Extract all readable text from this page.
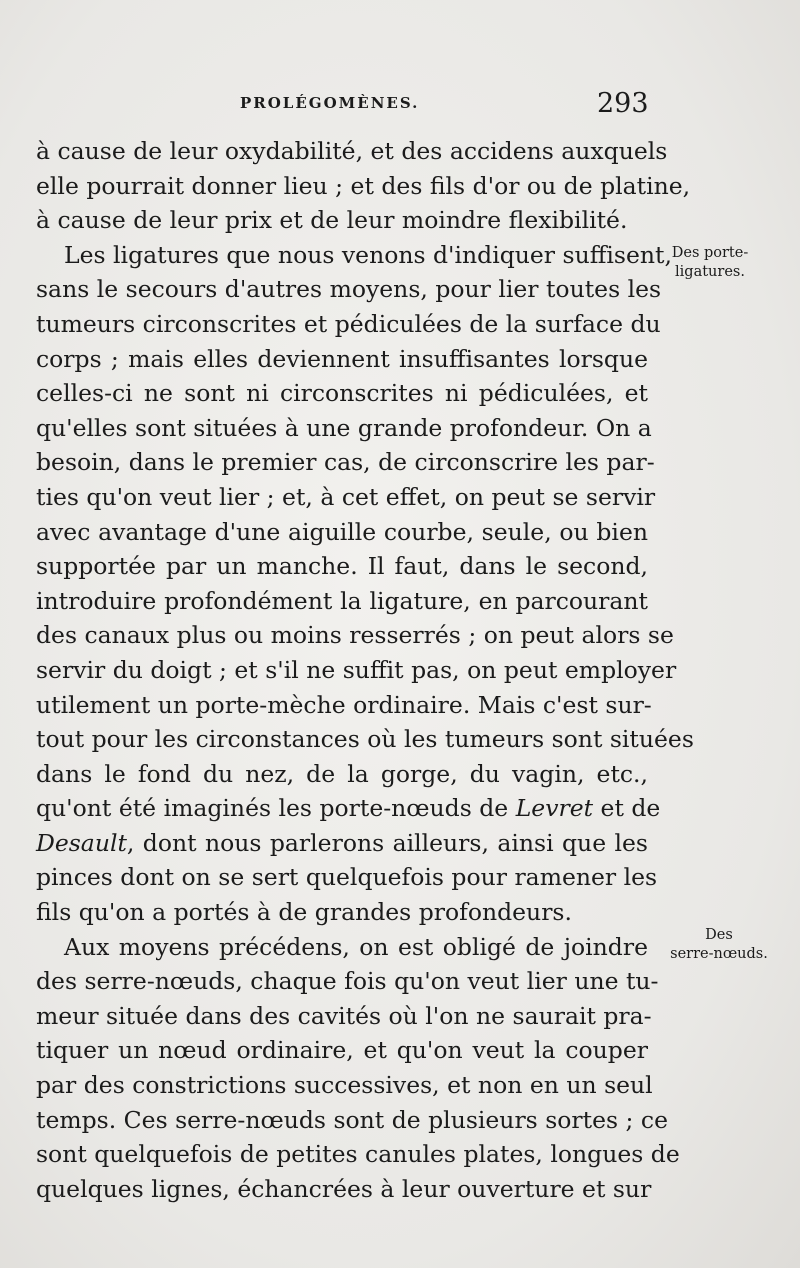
PROLÉGOMÈNES.	293
à cause de leur oxydabilité, et des accidens auxquels
elle pourrait donner lieu ; et des fils d'or ou de platine,
à cause de leur prix et de leur moindre flexibilité.
Les ligatures que nous venons d'indiquer suffisent,
sans le secours d'autres moyens, pour lier toutes les
tumeurs circonscrites et pédiculées de la surface du
corps ; mais elles deviennent insuffisantes lorsque
celles-ci ne sont ni circonscrites ni pédiculées, et
qu'elles sont situées à une grande profondeur. On a
besoin, dans le premier cas, de circonscrire les par-
ties qu'on veut lier ; et, à cet effet, on peut se servir
avec avantage d'une aiguille courbe, seule, ou bien
supportée par un manche. Il faut, dans le second,
introduire profondément la ligature, en parcourant
des canaux plus ou moins resserrés ; on peut alors se
servir du doigt ; et s'il ne suffit pas, on peut employer
utilement un porte-mèche ordinaire. Mais c'est sur-
tout pour les circonstances où les tumeurs sont situées
dans le fond du nez, de la gorge, du vagin, etc.,
qu'ont été imaginés les porte-nœuds de Levret et de
Desault, dont nous parlerons ailleurs, ainsi que les
pinces dont on se sert quelquefois pour ramener les
fils qu'on a portés à de grandes profondeurs.
Aux moyens précédens, on est obligé de joindre
des serre-nœuds, chaque fois qu'on veut lier une tu-
meur située dans des cavités où l'on ne saurait pra-
tiquer un nœud ordinaire, et qu'on veut la couper
par des constrictions successives, et non en un seul
temps. Ces serre-nœuds sont de plusieurs sortes ; ce
sont quelquefois de petites canules plates, longues de
quelques lignes, échancrées à leur ouverture et sur
Des porte-
ligatures.
Des
serre-nœuds.
